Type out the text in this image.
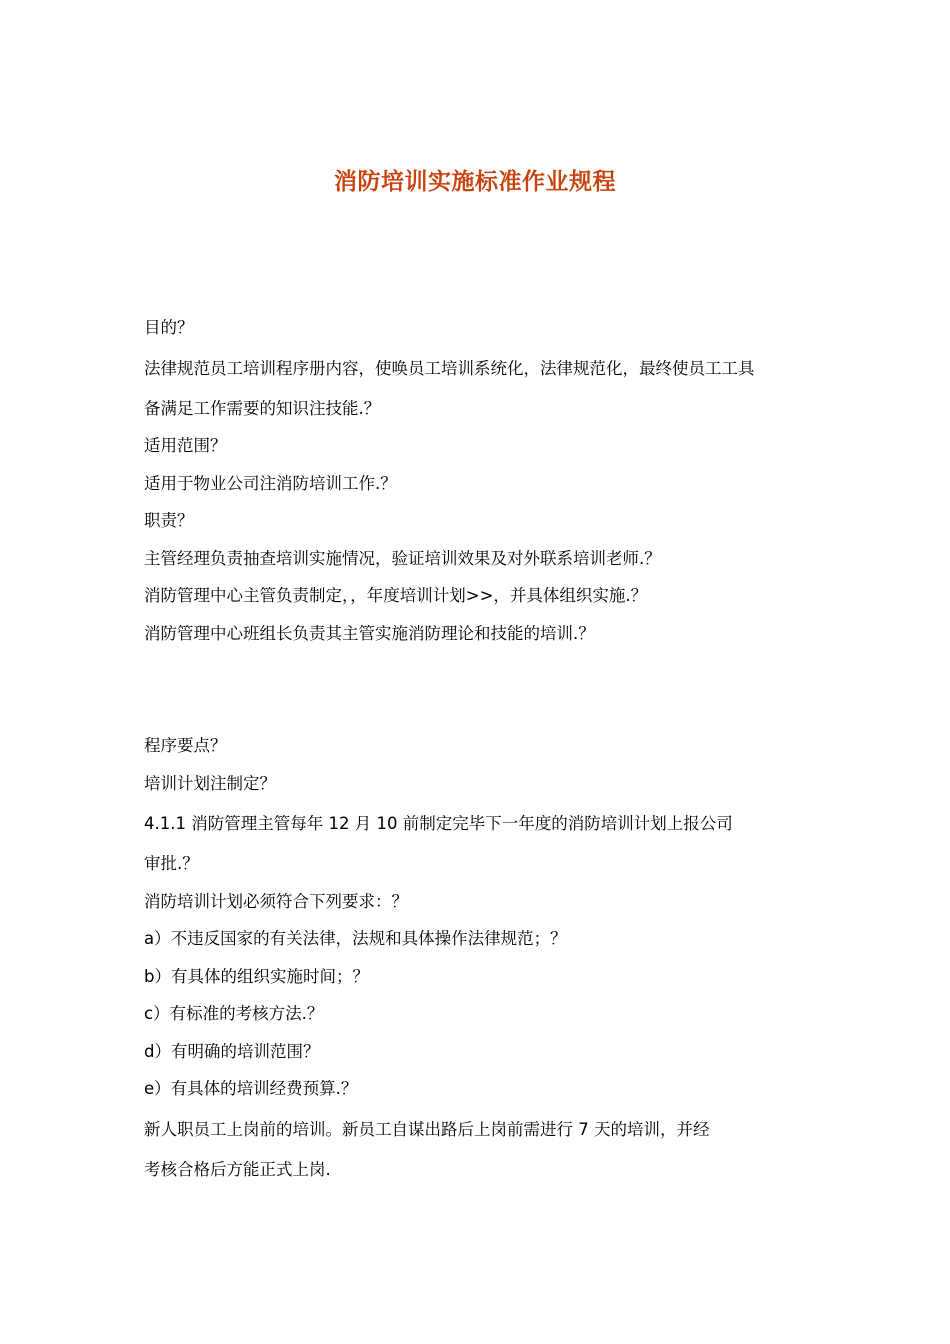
消防培训实施标准作业规程

目的？

法律规范员工培训程序册内容，使唤员工培训系统化，法律规范化，最终使员工工具

备满足工作需要的知识注技能.？

适用范围？

适用于物业公司注消防培训工作.？

职责？

主管经理负责抽查培训实施情况，验证培训效果及对外联系培训老师.？

消防管理中心主管负责制定，，年度培训计划>>，并具体组织实施.？

消防管理中心班组长负责其主管实施消防理论和技能的培训.？

程序要点？

培训计划注制定？

4.1.1 消防管理主管每年 12 月 10 前制定完毕下一年度的消防培训计划上报公司

审批.？

消防培训计划必须符合下列要求：？

a）不违反国家的有关法律，法规和具体操作法律规范；？

b）有具体的组织实施时间；？

c）有标准的考核方法.？

d）有明确的培训范围？

e）有具体的培训经费预算.？

新人职员工上岗前的培训。新员工自谋出路后上岗前需进行 7 天的培训，并经

考核合格后方能正式上岗.
